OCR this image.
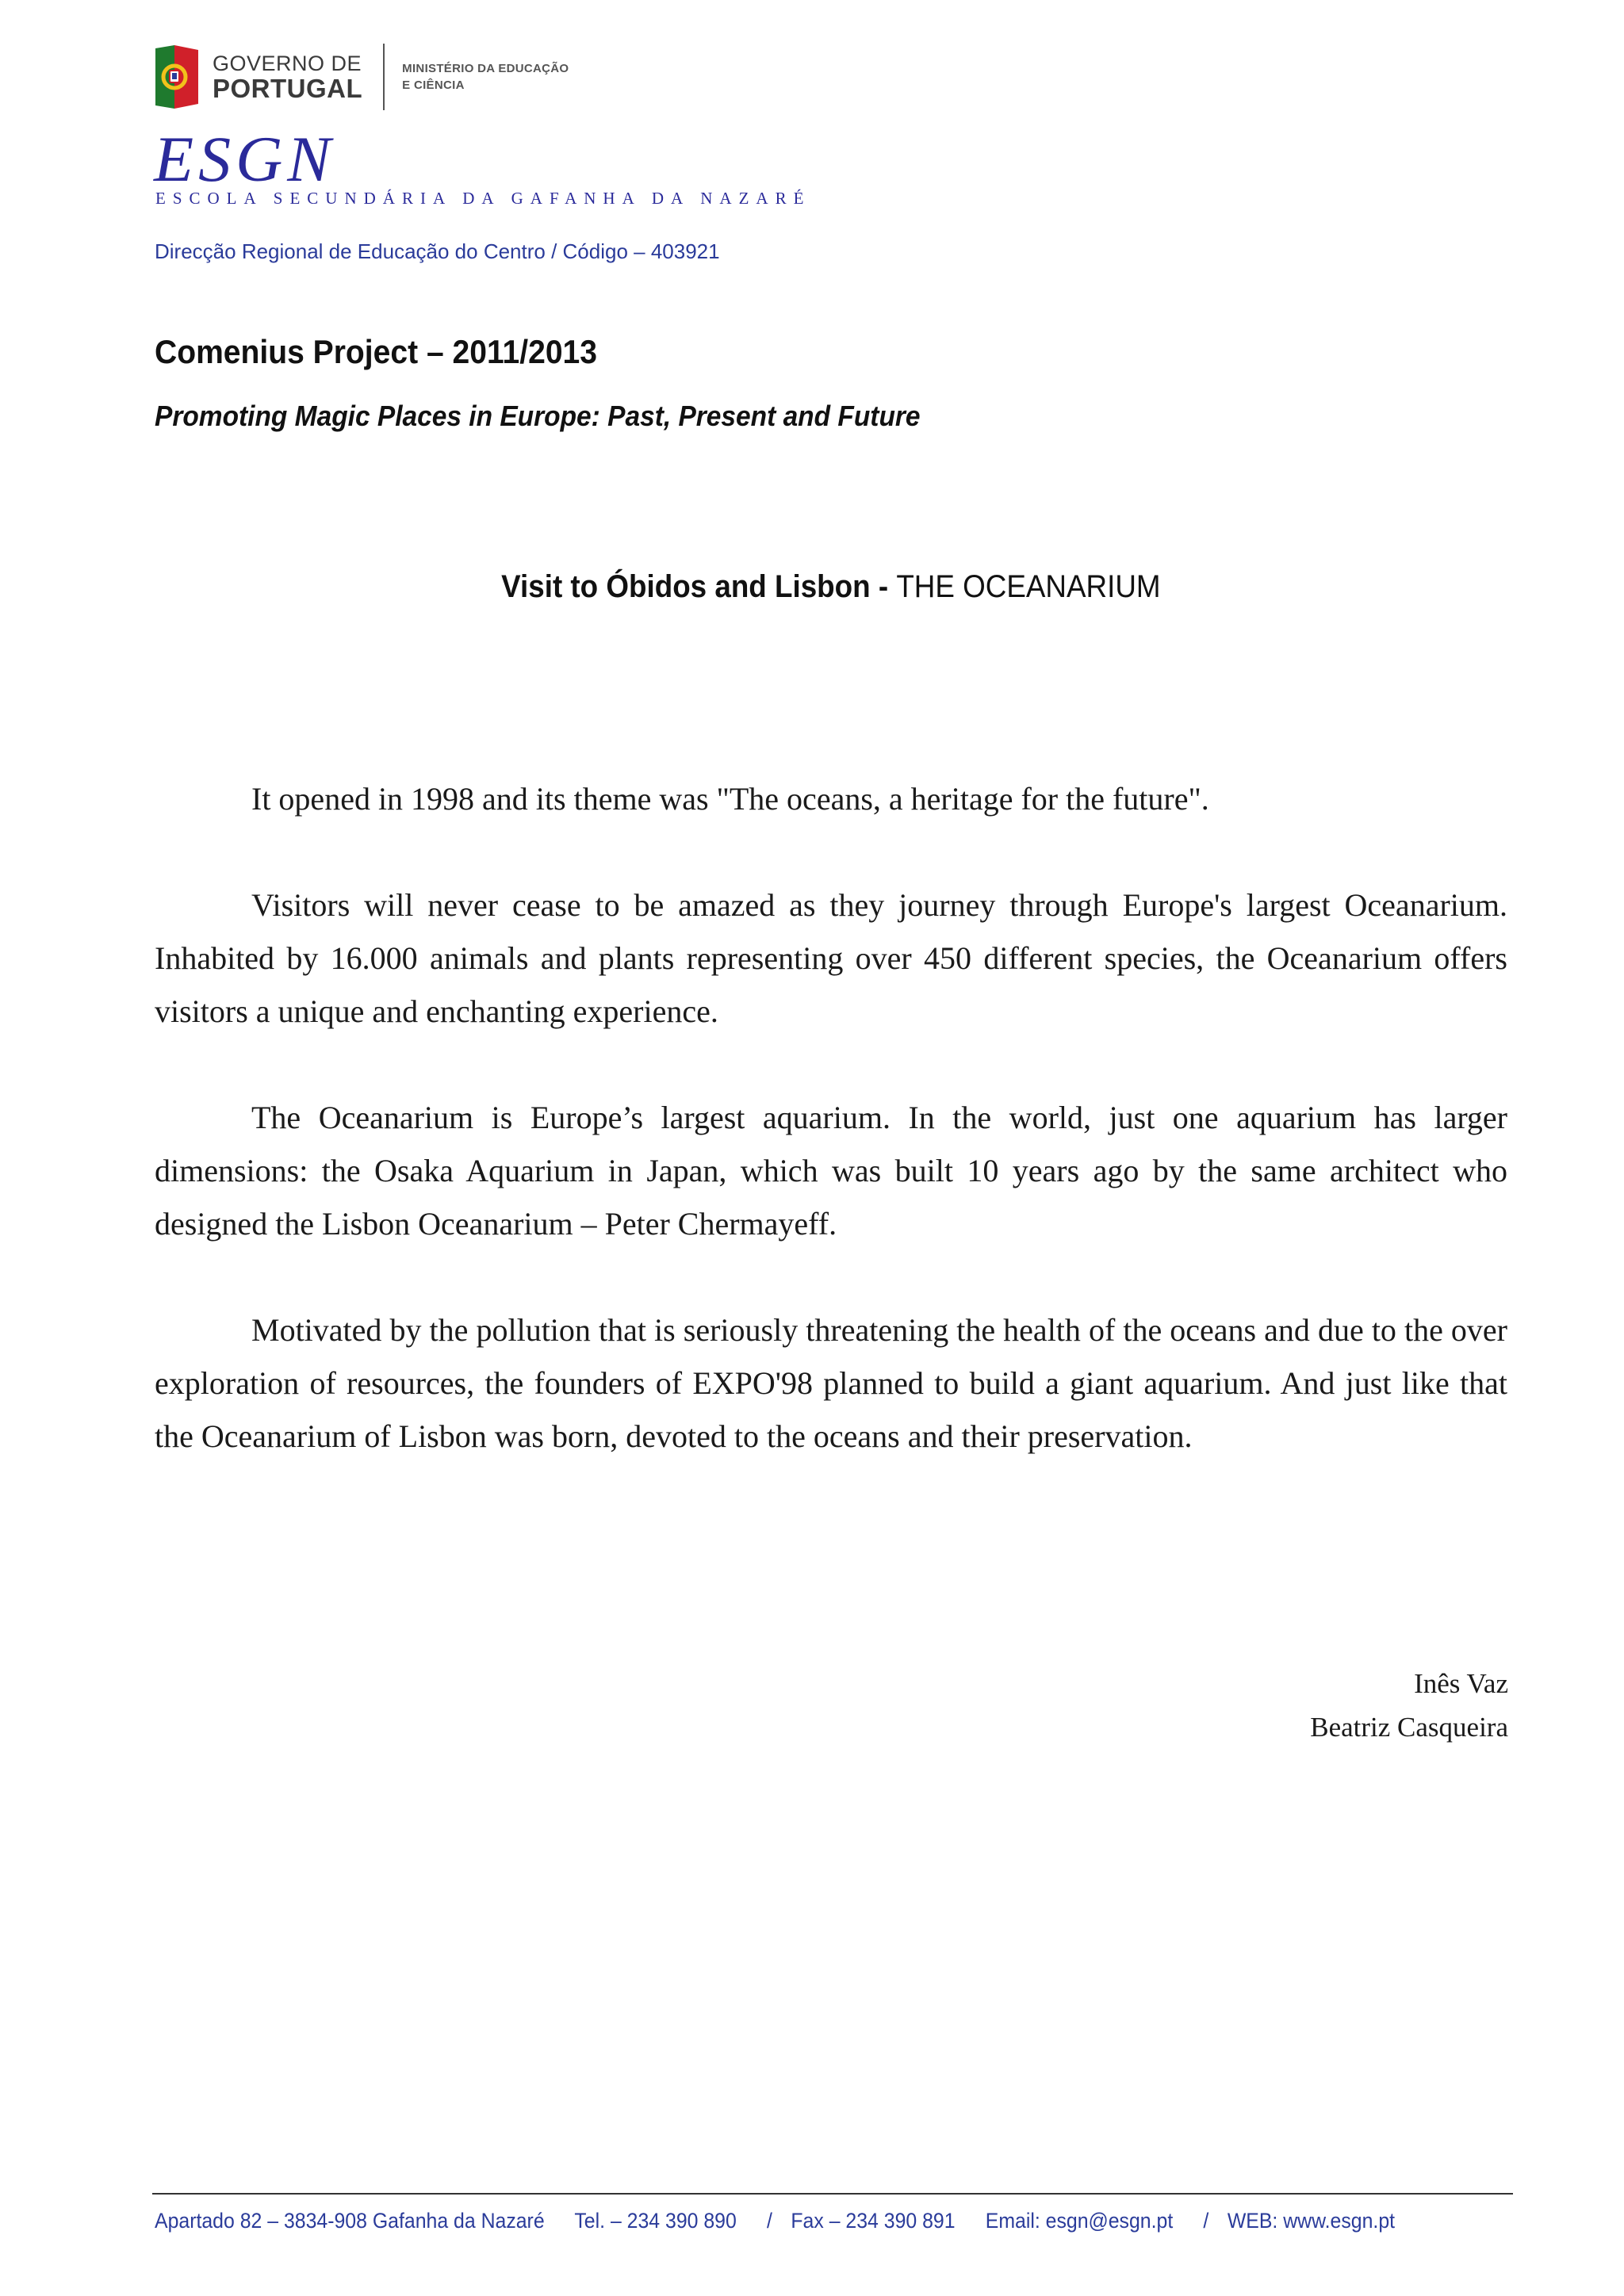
GOVERNO DE
PORTUGAL
MINISTÉRIO DA EDUCAÇÃO
E CIÊNCIA
ESGN
ESCOLA SECUNDÁRIA DA GAFANHA DA NAZARÉ
Direcção Regional de Educação do Centro / Código – 403921
Comenius Project – 2011/2013
Promoting Magic Places in Europe: Past, Present and Future
Visit to Óbidos and Lisbon - THE OCEANARIUM

It opened in 1998 and its theme was "The oceans, a heritage for the future".

Visitors will never cease to be amazed as they journey through Europe's largest Oceanarium. Inhabited by 16.000 animals and plants representing over 450 different species, the Oceanarium offers visitors a unique and enchanting experience.

The Oceanarium is Europe’s largest aquarium. In the world, just one aquarium has larger dimensions: the Osaka Aquarium in Japan, which was built 10 years ago by the same architect who designed the Lisbon Oceanarium – Peter Chermayeff.

Motivated by the pollution that is seriously threatening the health of the oceans and due to the over exploration of resources, the founders of EXPO'98 planned to build a giant aquarium. And just like that the Oceanarium of Lisbon was born, devoted to the oceans and their preservation.

Inês Vaz
Beatriz Casqueira
Apartado 82 – 3834-908 Gafanha da Nazaré Tel. – 234 390 890 / Fax – 234 390 891 Email: esgn@esgn.pt / WEB: www.esgn.pt
